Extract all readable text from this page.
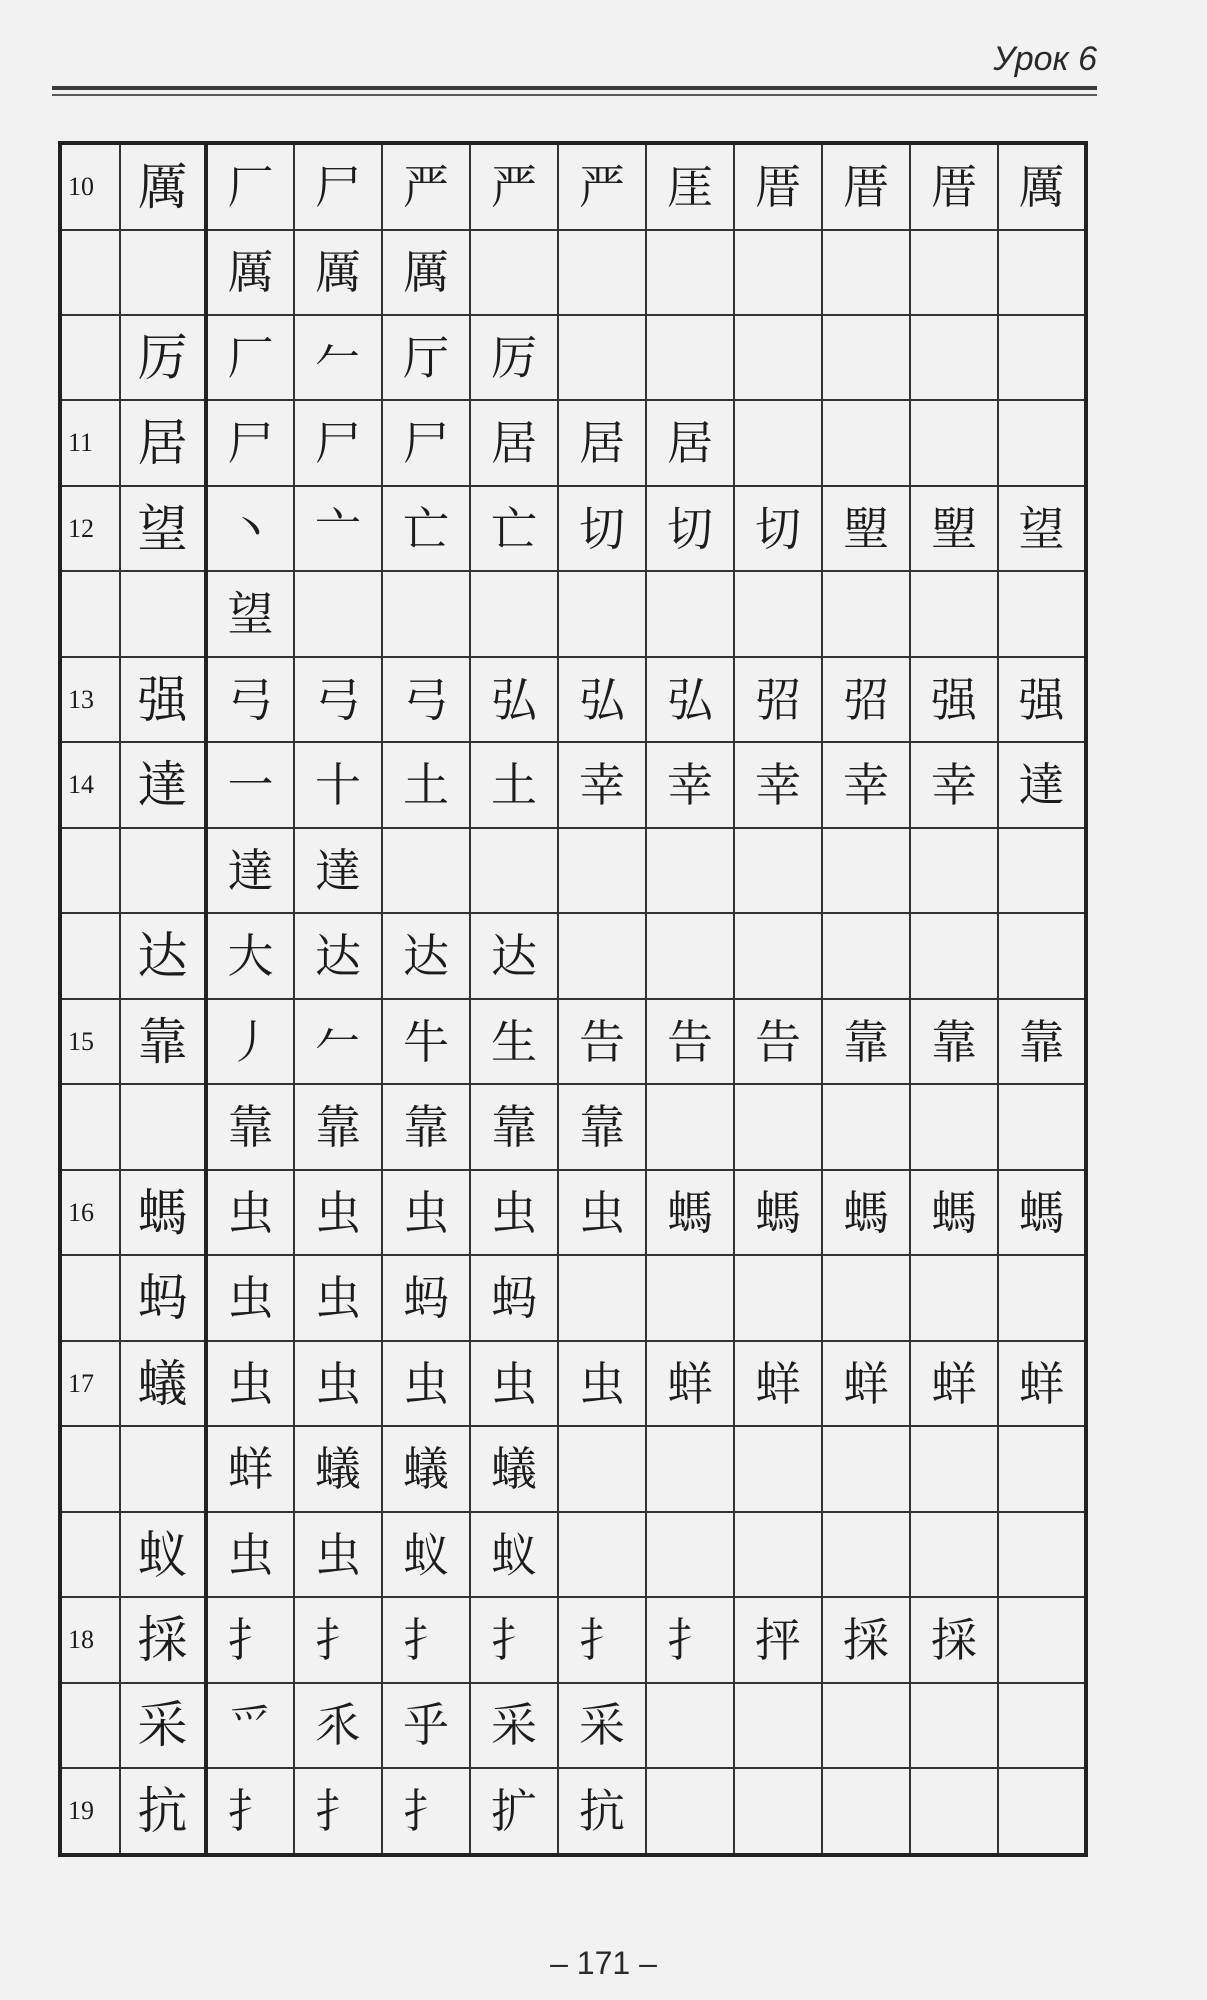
Урок 6
10	厲	厂	尸	严	严	严	厓	厝	厝	厝	厲
		厲	厲	厲							
	厉	厂	𠂉	厅	厉						
11	居	尸	尸	尸	居	居	居				
12	望	丶	亠	亡	亡	切	切	切	朢	朢	望
		望									
13	强	弓	弓	弓	弘	弘	弘	弨	弨	强	强
14	達	一	十	土	土	幸	幸	幸	幸	幸	達
		達	達								
	达	大	达	达	达						
15	靠	丿	𠂉	牛	生	告	告	告	靠	靠	靠
		靠	靠	靠	靠	靠					
16	螞	虫	虫	虫	虫	虫	螞	螞	螞	螞	螞
	蚂	虫	虫	蚂	蚂						
17	蟻	虫	虫	虫	虫	虫	蛘	蛘	蛘	蛘	蛘
		蛘	蟻	蟻	蟻						
	蚁	虫	虫	蚁	蚁						
18	採	扌	扌	扌	扌	扌	扌	抨	採	採	
	采	爫	乑	乎	采	采					
19	抗	扌	扌	扌	扩	抗					
– 171 –
